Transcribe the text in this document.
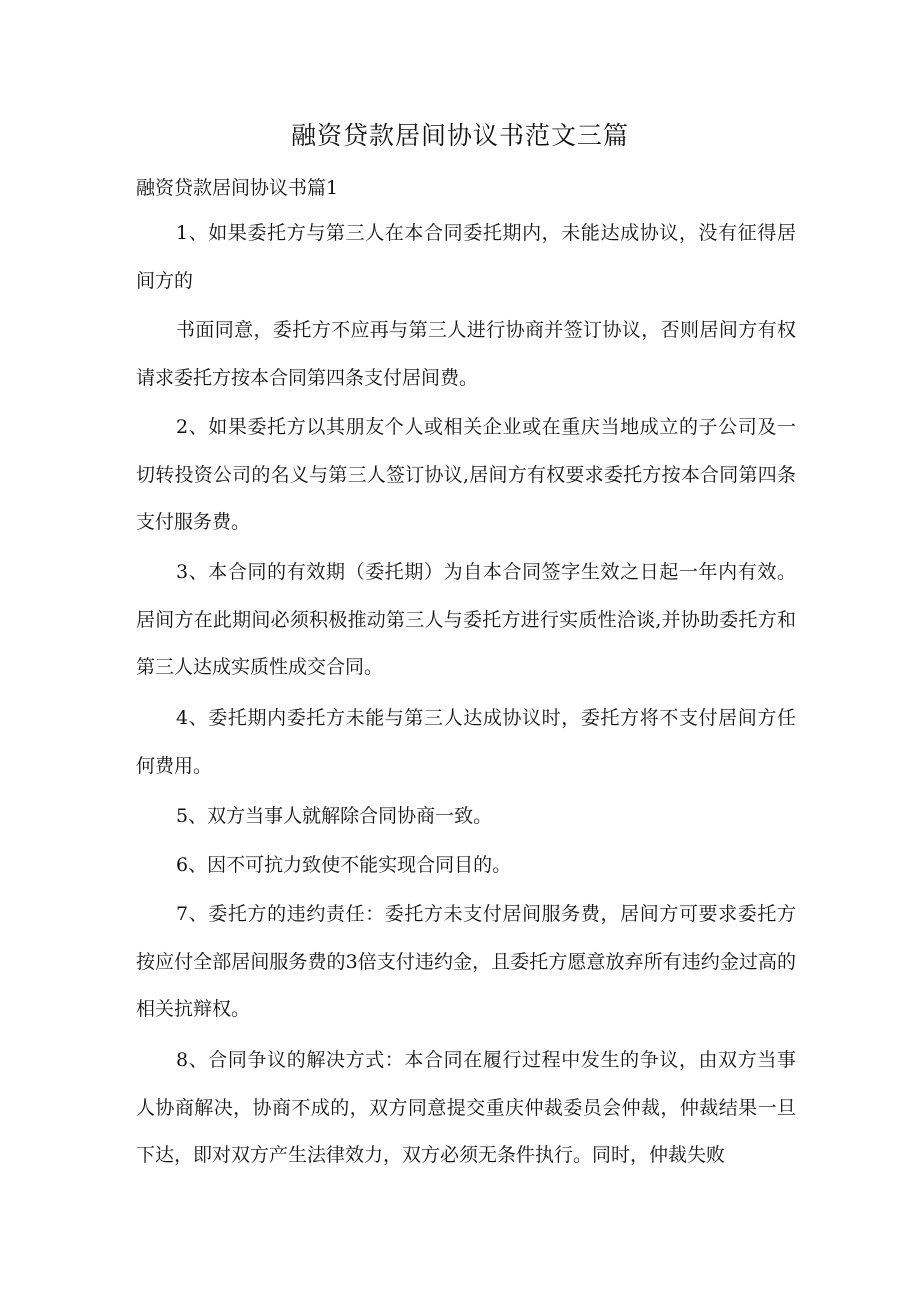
融资贷款居间协议书范文三篇
融资贷款居间协议书篇1

1、如果委托方与第三人在本合同委托期内，未能达成协议，没有征得居间方的

书面同意，委托方不应再与第三人进行协商并签订协议，否则居间方有权请求委托方按本合同第四条支付居间费。

2、如果委托方以其朋友个人或相关企业或在重庆当地成立的子公司及一切转投资公司的名义与第三人签订协议,居间方有权要求委托方按本合同第四条支付服务费。

3、本合同的有效期（委托期）为自本合同签字生效之日起一年内有效。居间方在此期间必须积极推动第三人与委托方进行实质性洽谈,并协助委托方和第三人达成实质性成交合同。

4、委托期内委托方未能与第三人达成协议时，委托方将不支付居间方任何费用。

5、双方当事人就解除合同协商一致。

6、因不可抗力致使不能实现合同目的。

7、委托方的违约责任：委托方未支付居间服务费，居间方可要求委托方按应付全部居间服务费的3倍支付违约金，且委托方愿意放弃所有违约金过高的相关抗辩权。

8、合同争议的解决方式：本合同在履行过程中发生的争议，由双方当事人协商解决，协商不成的，双方同意提交重庆仲裁委员会仲裁，仲裁结果一旦下达，即对双方产生法律效力，双方必须无条件执行。同时，仲裁失败
